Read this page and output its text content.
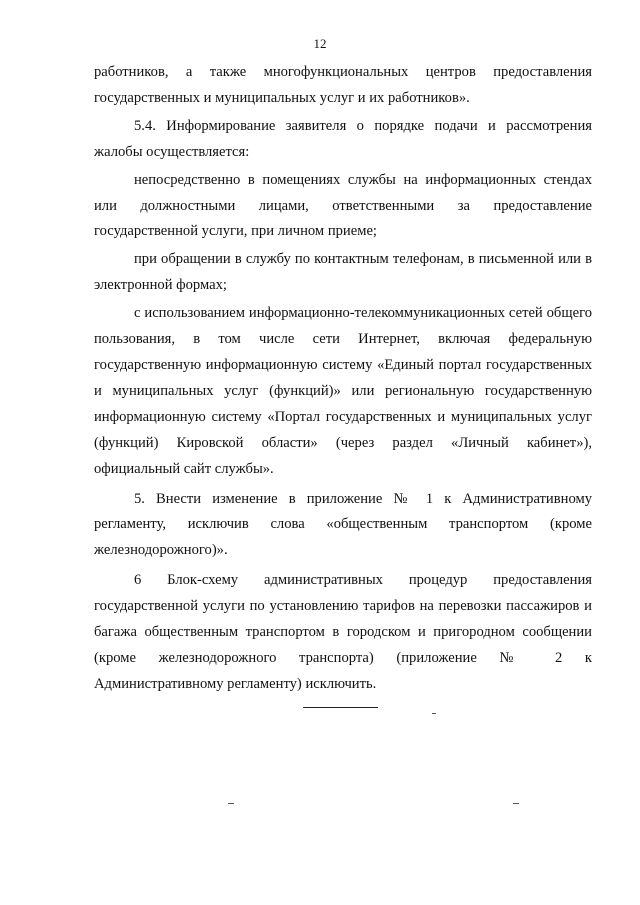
12

работников, а также многофункциональных центров предоставления государственных и муниципальных услуг и их работников».

5.4. Информирование заявителя о порядке подачи и рассмотрения жалобы осуществляется:

непосредственно в помещениях службы на информационных стендах или должностными лицами, ответственными за предоставление государственной услуги, при личном приеме;

при обращении в службу по контактным телефонам, в письменной или в электронной формах;

с использованием информационно-телекоммуникационных сетей общего пользования, в том числе сети Интернет, включая федеральную государственную информационную систему «Единый портал государственных и муниципальных услуг (функций)» или региональную государственную информационную систему «Портал государственных и муниципальных услуг (функций) Кировской области» (через раздел «Личный кабинет»), официальный сайт службы».

5. Внести изменение в приложение № 1 к Административному регламенту, исключив слова «общественным транспортом (кроме железнодорожного)».

6 Блок-схему административных процедур предоставления государственной услуги по установлению тарифов на перевозки пассажиров и багажа общественным транспортом в городском и пригородном сообщении (кроме железнодорожного транспорта) (приложение № 2 к Административному регламенту) исключить.
